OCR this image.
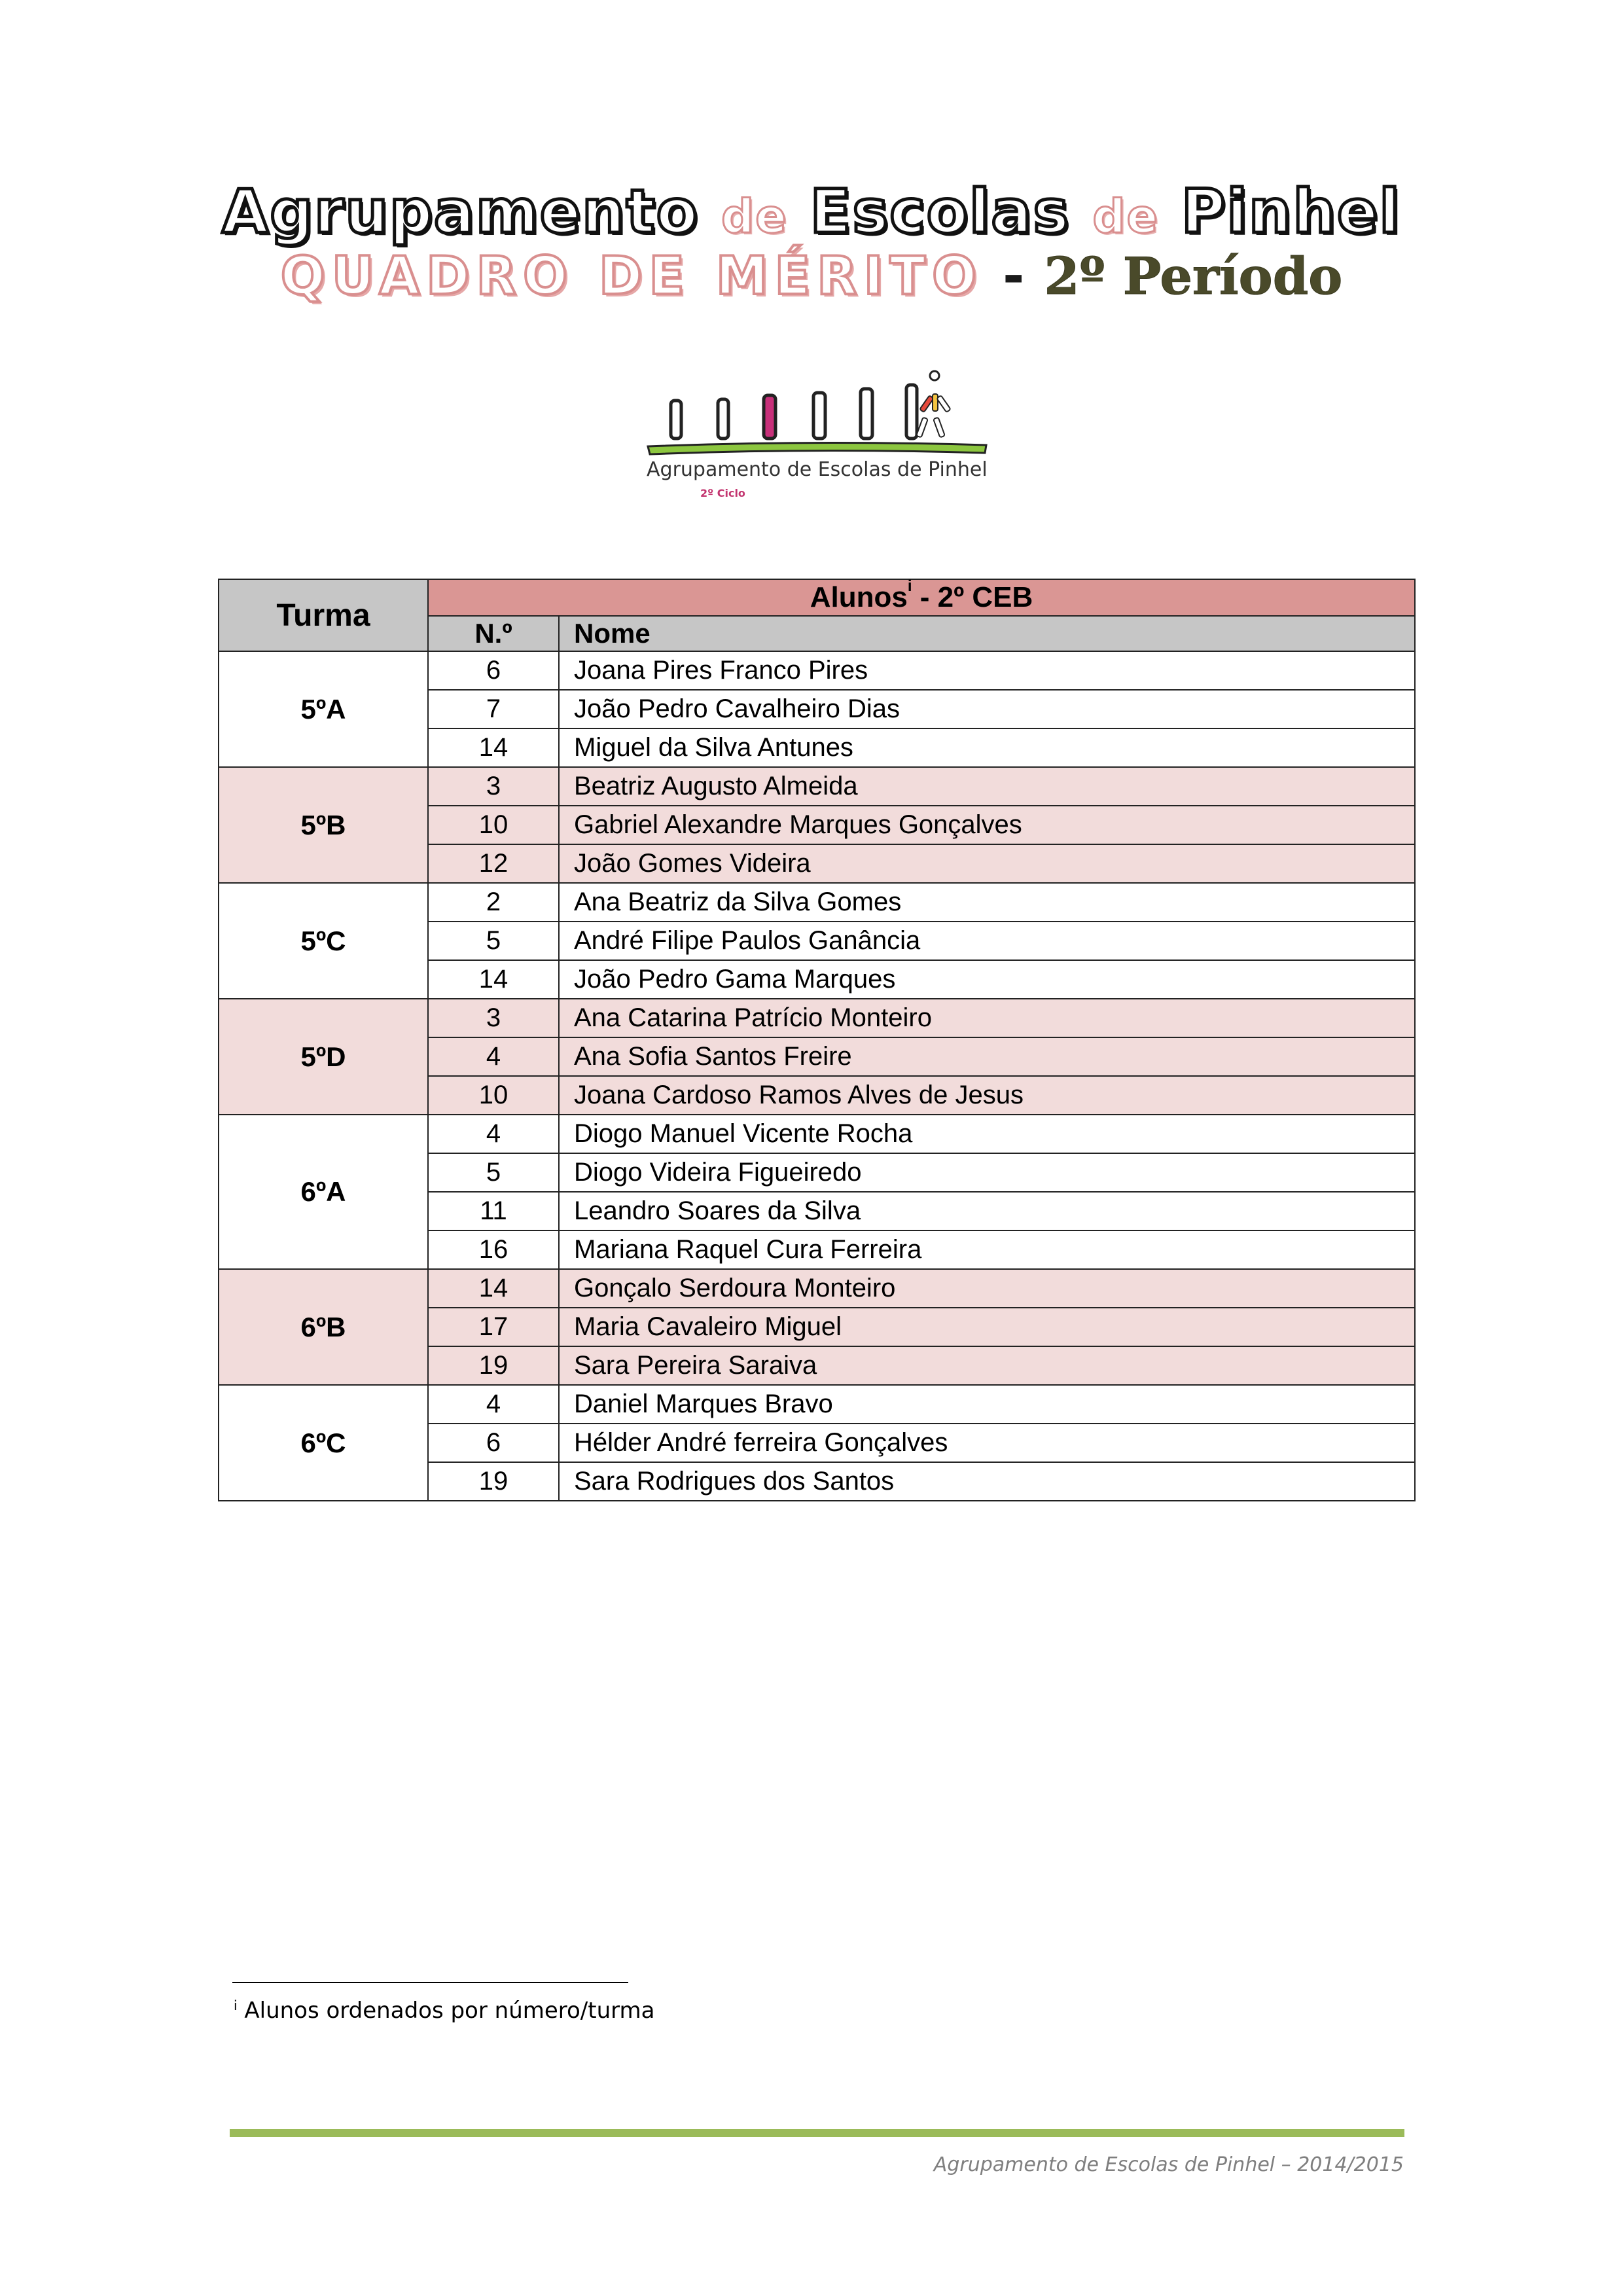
Agrupamento de Escolas de Pinhel
QUADRO DE MÉRITO - 2º Período
Agrupamento de Escolas de Pinhel
2º Ciclo
Turma	Alunos$^i$ - 2º CEB	
	N.º	Nome
5ºA	6	Joana Pires Franco Pires
	7	João Pedro Cavalheiro Dias
	14	Miguel da Silva Antunes
5ºB	3	Beatriz Augusto Almeida
	10	Gabriel Alexandre Marques Gonçalves
	12	João Gomes Videira
5ºC	2	Ana Beatriz da Silva Gomes
	5	André Filipe Paulos Ganância
	14	João Pedro Gama Marques
5ºD	3	Ana Catarina Patrício Monteiro
	4	Ana Sofia Santos Freire
	10	Joana Cardoso Ramos Alves de Jesus
6ºA	4	Diogo Manuel Vicente Rocha
	5	Diogo Videira Figueiredo
	11	Leandro Soares da Silva
	16	Mariana Raquel Cura Ferreira
6ºB	14	Gonçalo Serdoura Monteiro
	17	Maria Cavaleiro Miguel
	19	Sara Pereira Saraiva
6ºC	4	Daniel Marques Bravo
	6	Hélder André ferreira Gonçalves
	19	Sara Rodrigues dos Santos
$^i$ Alunos ordenados por número/turma
Agrupamento de Escolas de Pinhel – 2014/2015
